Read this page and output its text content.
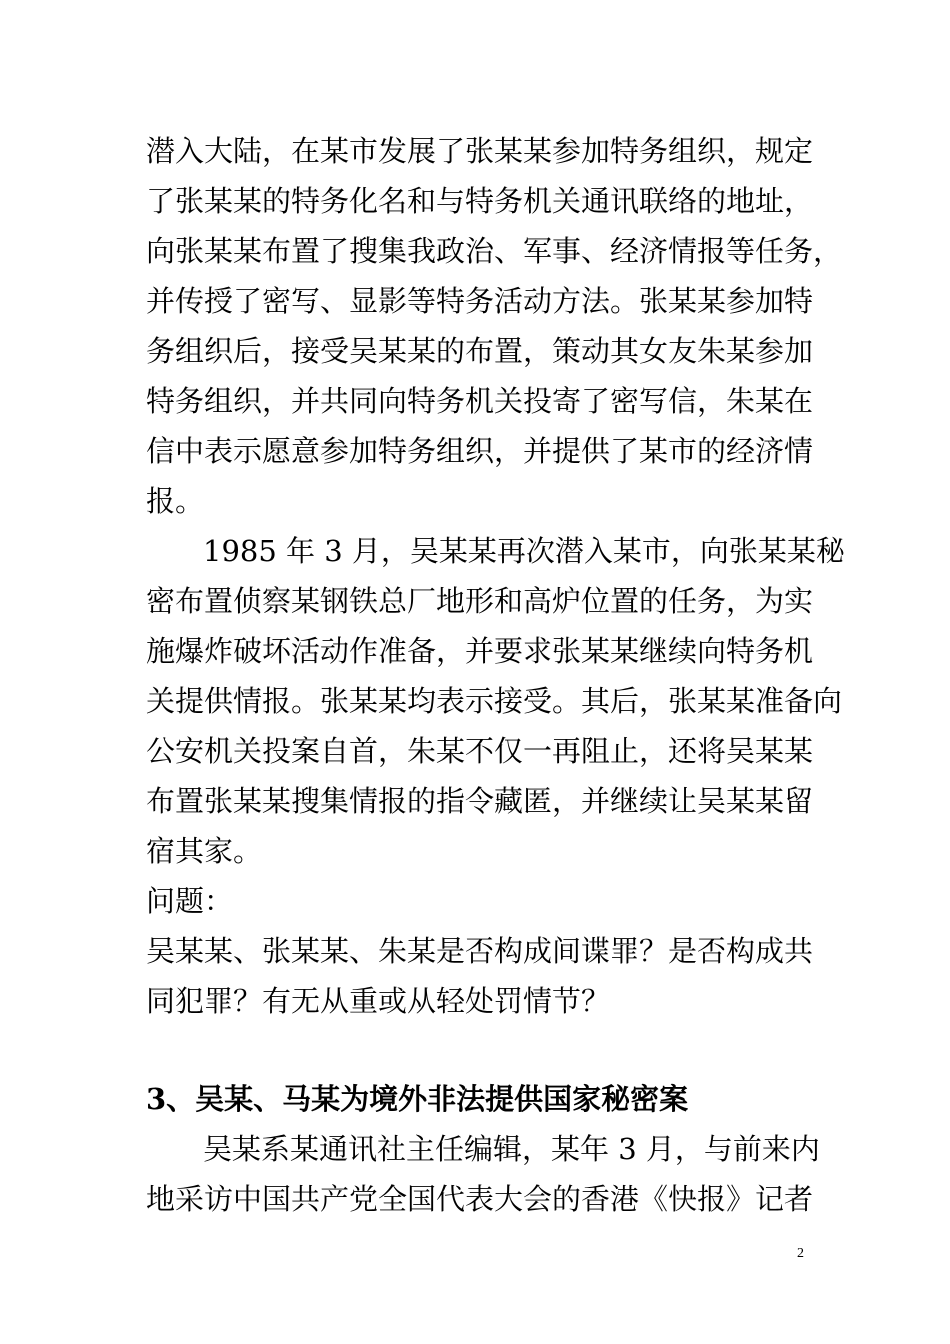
潜入大陆，在某市发展了张某某参加特务组织，规定
了张某某的特务化名和与特务机关通讯联络的地址，
向张某某布置了搜集我政治、军事、经济情报等任务，
并传授了密写、显影等特务活动方法。张某某参加特
务组织后，接受吴某某的布置，策动其女友朱某参加
特务组织，并共同向特务机关投寄了密写信，朱某在
信中表示愿意参加特务组织，并提供了某市的经济情
报。
1985 年 3 月，吴某某再次潜入某市，向张某某秘
密布置侦察某钢铁总厂地形和高炉位置的任务，为实
施爆炸破坏活动作准备，并要求张某某继续向特务机
关提供情报。张某某均表示接受。其后，张某某准备向
公安机关投案自首，朱某不仅一再阻止，还将吴某某
布置张某某搜集情报的指令藏匿，并继续让吴某某留
宿其家。
问题：
吴某某、张某某、朱某是否构成间谍罪？是否构成共
同犯罪？有无从重或从轻处罚情节？
3、吴某、马某为境外非法提供国家秘密案
吴某系某通讯社主任编辑，某年 3 月，与前来内
地采访中国共产党全国代表大会的香港《快报》记者
2
